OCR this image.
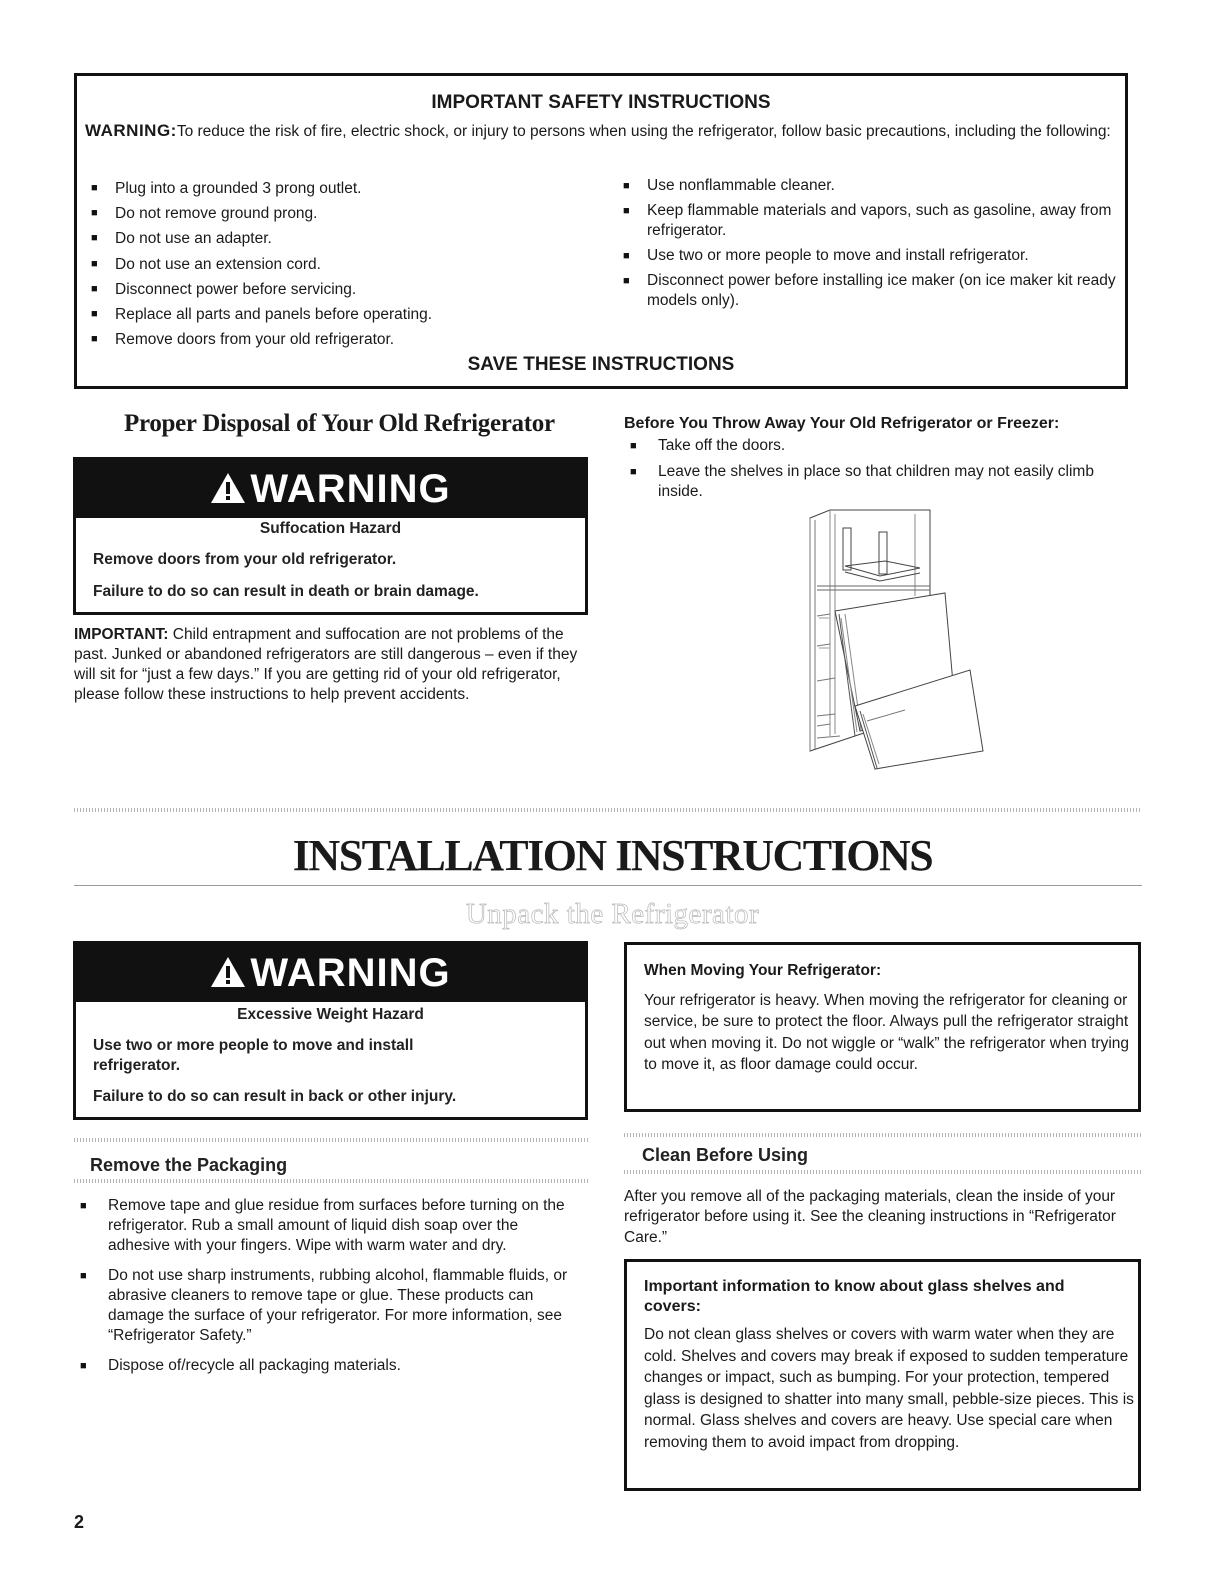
IMPORTANT SAFETY INSTRUCTIONS
WARNING:To reduce the risk of fire, electric shock, or injury to persons when using the refrigerator, follow basic precautions, including the following:
■ Plug into a grounded 3 prong outlet.
■ Do not remove ground prong.
■ Do not use an adapter.
■ Do not use an extension cord.
■ Disconnect power before servicing.
■ Replace all parts and panels before operating.
■ Remove doors from your old refrigerator.
■ Use nonflammable cleaner.
■ Keep flammable materials and vapors, such as gasoline, away from refrigerator.
■ Use two or more people to move and install refrigerator.
■ Disconnect power before installing ice maker (on ice maker kit ready models only).
SAVE THESE INSTRUCTIONS
Proper Disposal of Your Old Refrigerator
WARNING
Suffocation Hazard
Remove doors from your old refrigerator.
Failure to do so can result in death or brain damage.
IMPORTANT: Child entrapment and suffocation are not problems of the past. Junked or abandoned refrigerators are still dangerous – even if they will sit for “just a few days.” If you are getting rid of your old refrigerator, please follow these instructions to help prevent accidents.
Before You Throw Away Your Old Refrigerator or Freezer:
■ Take off the doors.
■ Leave the shelves in place so that children may not easily climb inside.
INSTALLATION INSTRUCTIONS
Unpack the Refrigerator
WARNING
Excessive Weight Hazard
Use two or more people to move and install
refrigerator.
Failure to do so can result in back or other injury.
When Moving Your Refrigerator:
Your refrigerator is heavy. When moving the refrigerator for cleaning or service, be sure to protect the floor. Always pull the refrigerator straight out when moving it. Do not wiggle or “walk” the refrigerator when trying to move it, as floor damage could occur.
Remove the Packaging
■ Remove tape and glue residue from surfaces before turning on the refrigerator. Rub a small amount of liquid dish soap over the adhesive with your fingers. Wipe with warm water and dry.
■ Do not use sharp instruments, rubbing alcohol, flammable fluids, or abrasive cleaners to remove tape or glue. These products can damage the surface of your refrigerator. For more information, see “Refrigerator Safety.”
■ Dispose of/recycle all packaging materials.
Clean Before Using
After you remove all of the packaging materials, clean the inside of your refrigerator before using it. See the cleaning instructions in “Refrigerator Care.”
Important information to know about glass shelves and covers:
Do not clean glass shelves or covers with warm water when they are cold. Shelves and covers may break if exposed to sudden temperature changes or impact, such as bumping. For your protection, tempered glass is designed to shatter into many small, pebble-size pieces. This is normal. Glass shelves and covers are heavy. Use special care when removing them to avoid impact from dropping.
2
